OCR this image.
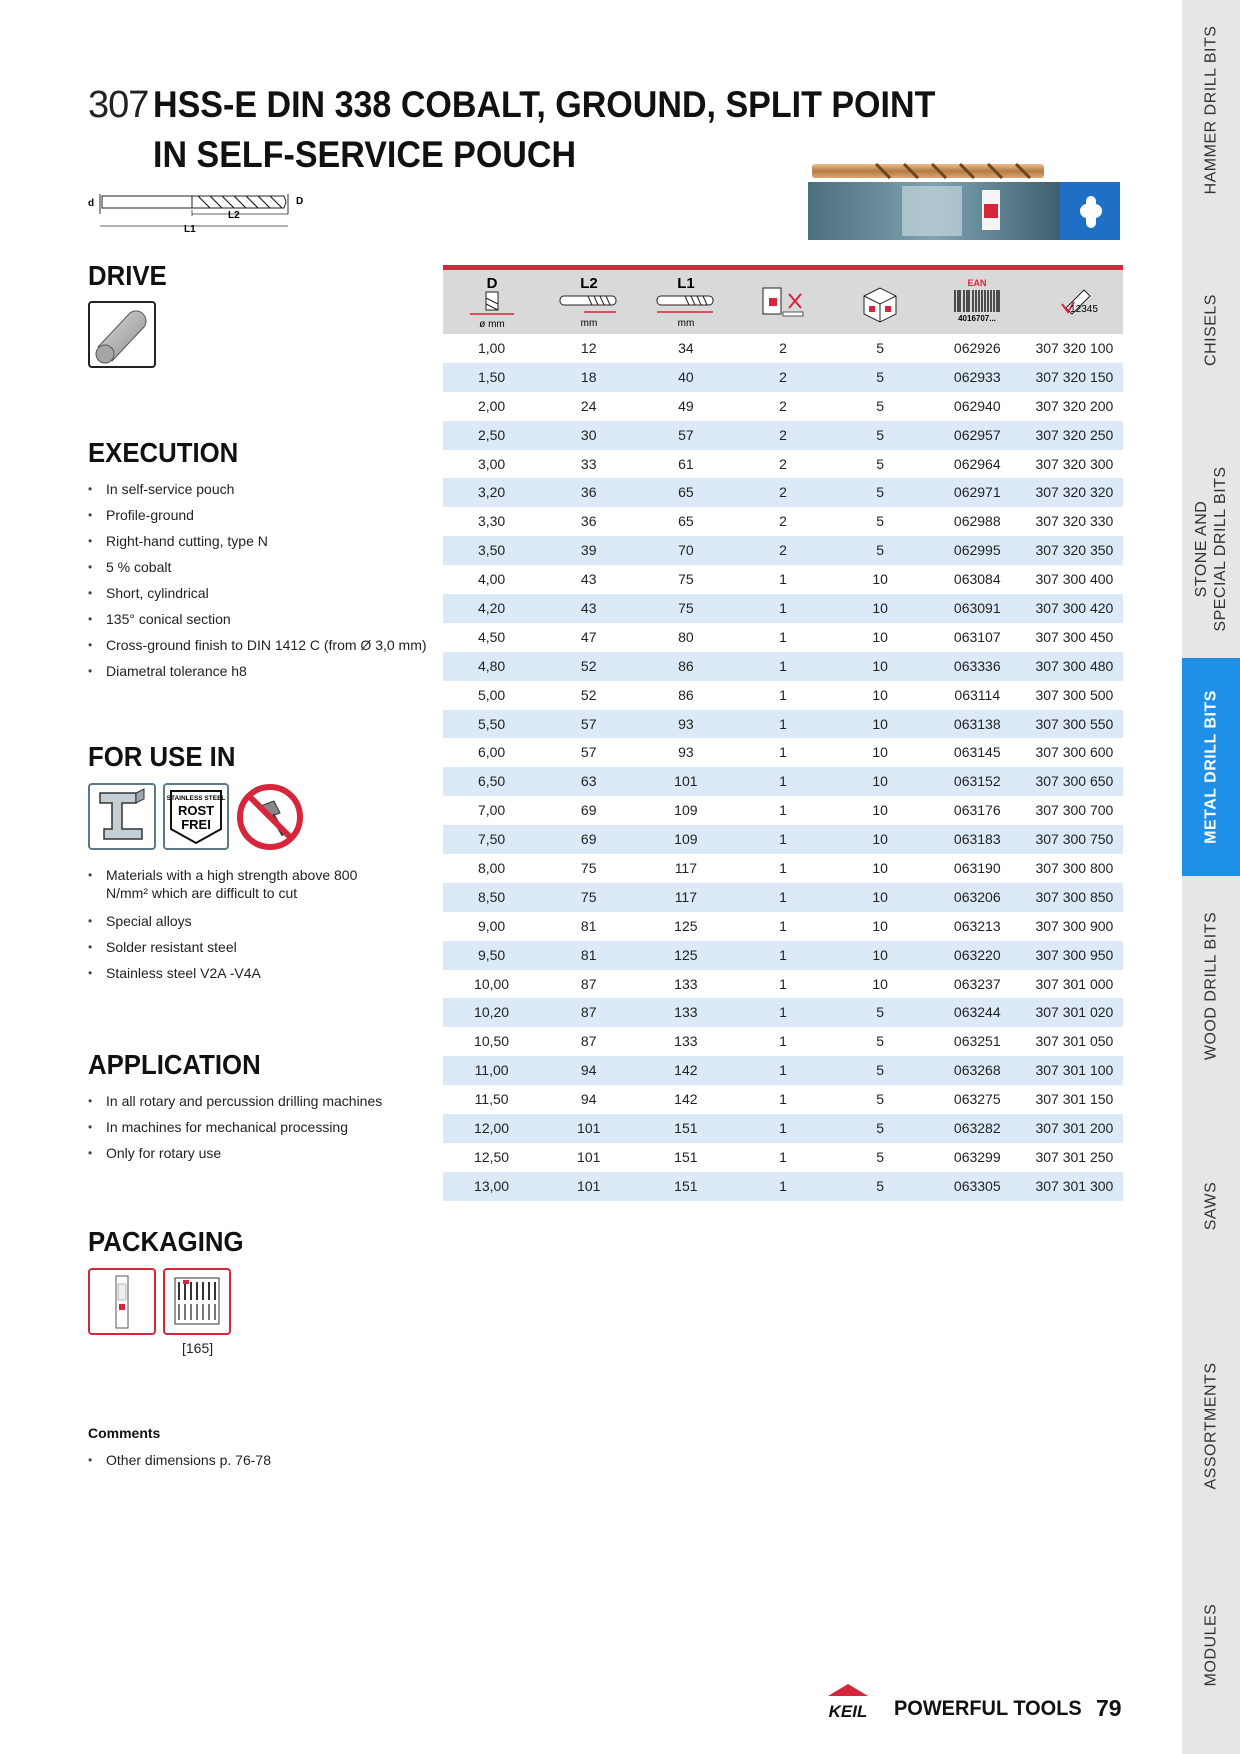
307 HSS-E DIN 338 COBALT, GROUND, SPLIT POINT
IN SELF-SERVICE POUCH
d	D
L2
L1
DRIVE
EXECUTION
• In self-service pouch
• Profile-ground
• Right-hand cutting, type N
• 5 % cobalt
• Short, cylindrical
• 135° conical section
• Cross-ground finish to DIN 1412 C (from Ø 3,0 mm)
• Diametral tolerance h8
FOR USE IN
STAINLESS STEEL
ROST
FREI
• Materials with a high strength above 800 N/mm² which are difficult to cut
• Special alloys
• Solder resistant steel
• Stainless steel V2A -V4A
APPLICATION
• In all rotary and percussion drilling machines
• In machines for mechanical processing
• Only for rotary use
PACKAGING
[165]
Comments
• Other dimensions p. 76-78
D
ø mm
L2
mm
L1
mm
EAN
4016707...
12345
1,00	12	34	2	5	062926	307 320 100
1,50	18	40	2	5	062933	307 320 150
2,00	24	49	2	5	062940	307 320 200
2,50	30	57	2	5	062957	307 320 250
3,00	33	61	2	5	062964	307 320 300
3,20	36	65	2	5	062971	307 320 320
3,30	36	65	2	5	062988	307 320 330
3,50	39	70	2	5	062995	307 320 350
4,00	43	75	1	10	063084	307 300 400
4,20	43	75	1	10	063091	307 300 420
4,50	47	80	1	10	063107	307 300 450
4,80	52	86	1	10	063336	307 300 480
5,00	52	86	1	10	063114	307 300 500
5,50	57	93	1	10	063138	307 300 550
6,00	57	93	1	10	063145	307 300 600
6,50	63	101	1	10	063152	307 300 650
7,00	69	109	1	10	063176	307 300 700
7,50	69	109	1	10	063183	307 300 750
8,00	75	117	1	10	063190	307 300 800
8,50	75	117	1	10	063206	307 300 850
9,00	81	125	1	10	063213	307 300 900
9,50	81	125	1	10	063220	307 300 950
10,00	87	133	1	10	063237	307 301 000
10,20	87	133	1	5	063244	307 301 020
10,50	87	133	1	5	063251	307 301 050
11,00	94	142	1	5	063268	307 301 100
11,50	94	142	1	5	063275	307 301 150
12,00	101	151	1	5	063282	307 301 200
12,50	101	151	1	5	063299	307 301 250
13,00	101	151	1	5	063305	307 301 300
HAMMER DRILL BITS
CHISELS
STONE AND SPECIAL DRILL BITS
METAL DRILL BITS
WOOD DRILL BITS
SAWS
ASSORTMENTS
MODULES
KEIL POWERFUL TOOLS 79
